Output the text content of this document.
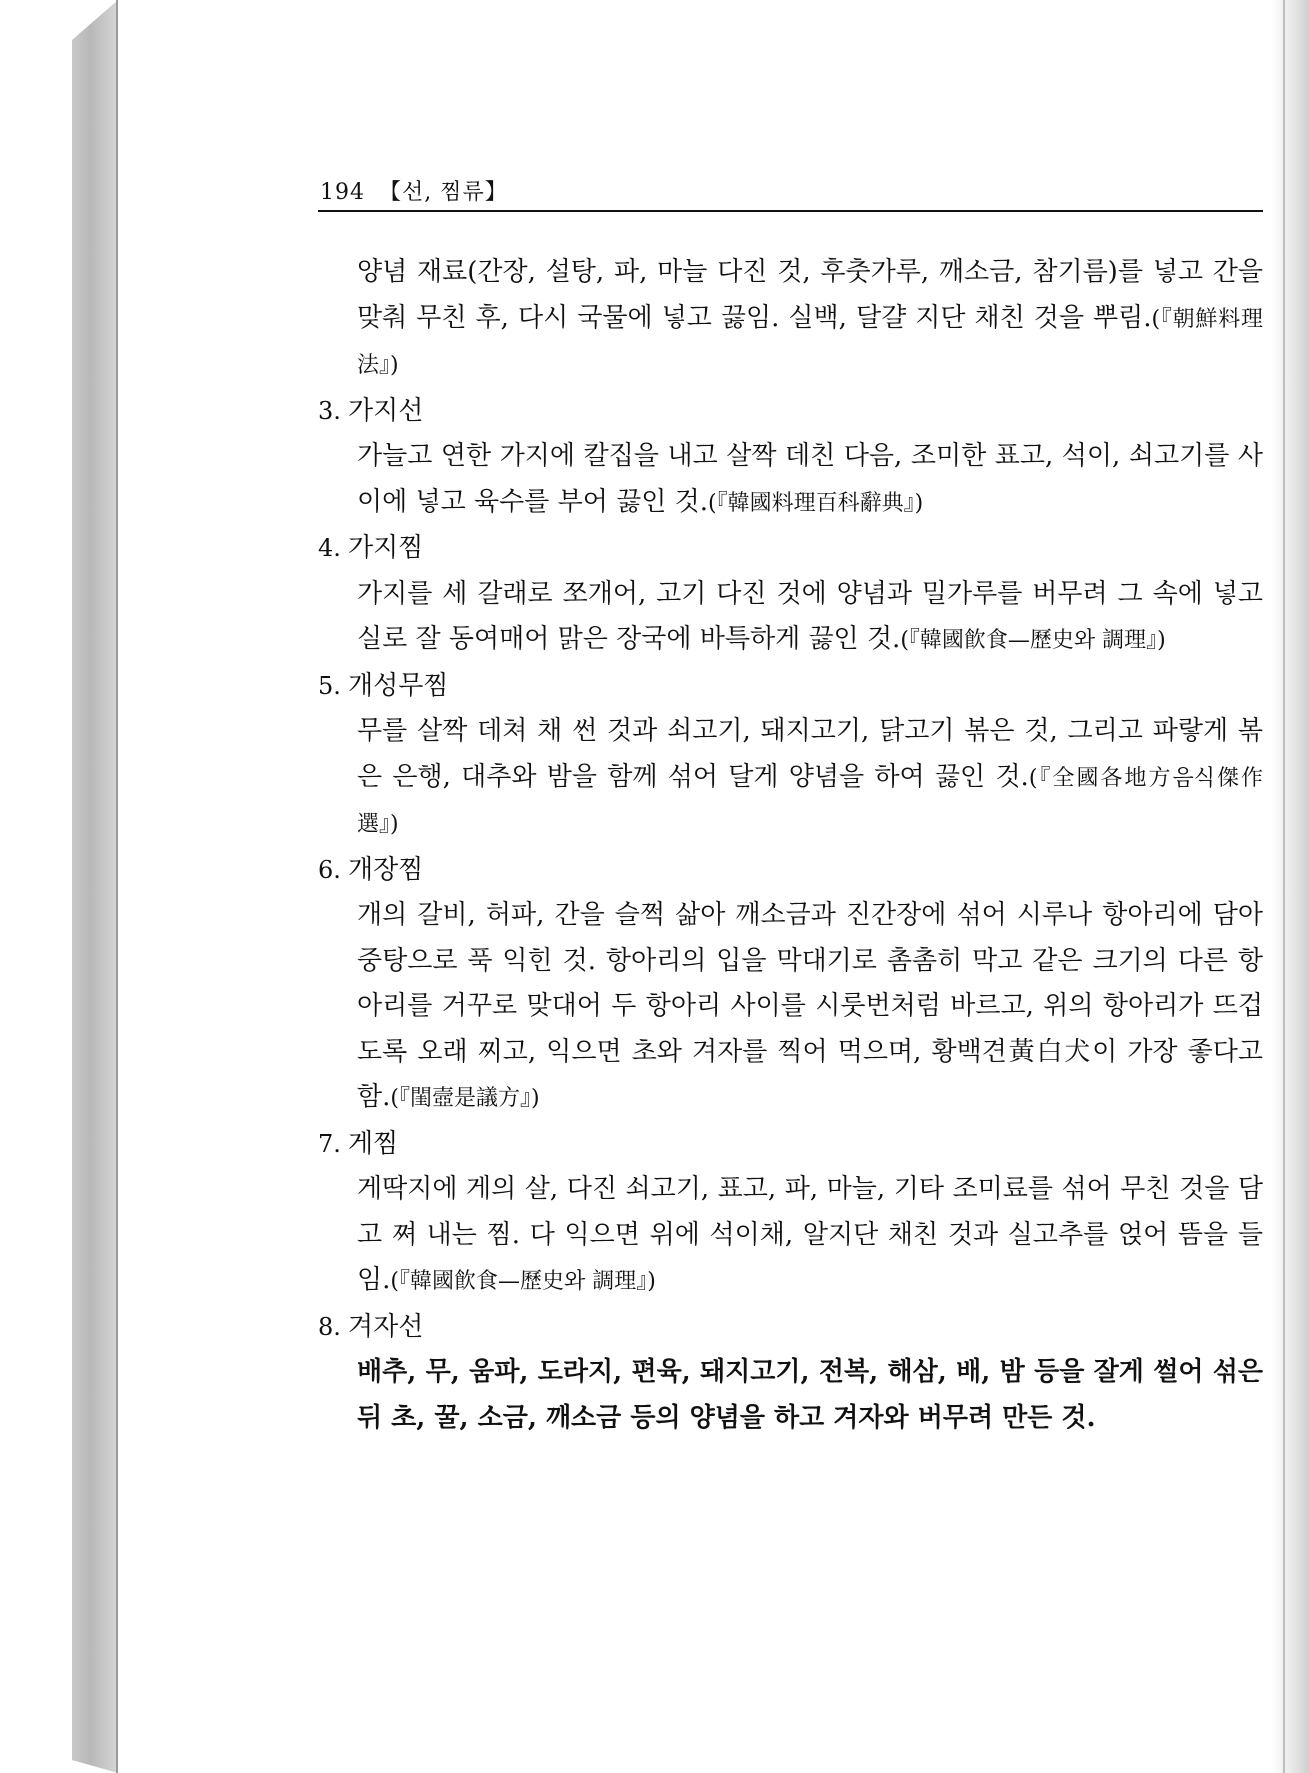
194 【선, 찜류】

양념 재료(간장, 설탕, 파, 마늘 다진 것, 후춧가루, 깨소금, 참기름)를 넣고 간을 맞춰 무친 후, 다시 국물에 넣고 끓임. 실백, 달걀 지단 채친 것을 뿌림.(『朝鮮料理法』)

3. 가지선

가늘고 연한 가지에 칼집을 내고 살짝 데친 다음, 조미한 표고, 석이, 쇠고기를 사이에 넣고 육수를 부어 끓인 것.(『韓國料理百科辭典』)

4. 가지찜

가지를 세 갈래로 쪼개어, 고기 다진 것에 양념과 밀가루를 버무려 그 속에 넣고 실로 잘 동여매어 맑은 장국에 바특하게 끓인 것.(『韓國飮食—歷史와 調理』)

5. 개성무찜

무를 살짝 데쳐 채 썬 것과 쇠고기, 돼지고기, 닭고기 볶은 것, 그리고 파랗게 볶은 은행, 대추와 밤을 함께 섞어 달게 양념을 하여 끓인 것.(『全國各地方음식傑作選』)

6. 개장찜

개의 갈비, 허파, 간을 슬쩍 삶아 깨소금과 진간장에 섞어 시루나 항아리에 담아 중탕으로 푹 익힌 것. 항아리의 입을 막대기로 촘촘히 막고 같은 크기의 다른 항아리를 거꾸로 맞대어 두 항아리 사이를 시룻번처럼 바르고, 위의 항아리가 뜨겁도록 오래 찌고, 익으면 초와 겨자를 찍어 먹으며, 황백견黃白犬이 가장 좋다고 함.(『閨壼是議方』)

7. 게찜

게딱지에 게의 살, 다진 쇠고기, 표고, 파, 마늘, 기타 조미료를 섞어 무친 것을 담고 쪄 내는 찜. 다 익으면 위에 석이채, 알지단 채친 것과 실고추를 얹어 뜸을 들임.(『韓國飮食—歷史와 調理』)

8. 겨자선

배추, 무, 움파, 도라지, 편육, 돼지고기, 전복, 해삼, 배, 밤 등을 잘게 썰어 섞은 뒤 초, 꿀, 소금, 깨소금 등의 양념을 하고 겨자와 버무려 만든 것.
